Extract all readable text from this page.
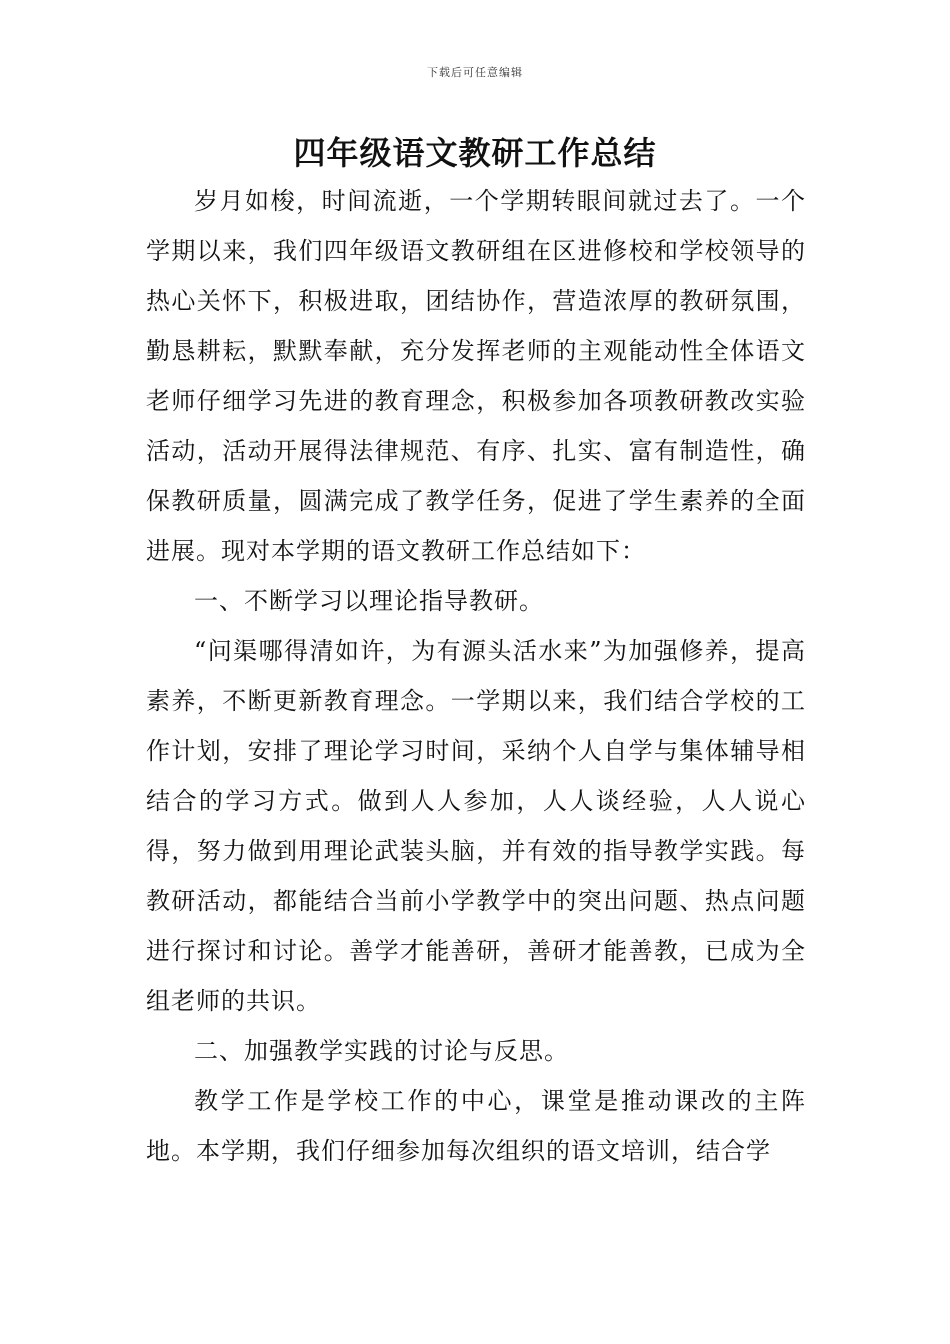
下载后可任意编辑
四年级语文教研工作总结

岁月如梭，时间流逝，一个学期转眼间就过去了。一个学期以来，我们四年级语文教研组在区进修校和学校领导的热心关怀下，积极进取，团结协作，营造浓厚的教研氛围，勤恳耕耘，默默奉献，充分发挥老师的主观能动性全体语文老师仔细学习先进的教育理念，积极参加各项教研教改实验活动，活动开展得法律规范、有序、扎实、富有制造性，确保教研质量，圆满完成了教学任务，促进了学生素养的全面进展。现对本学期的语文教研工作总结如下：

一、不断学习以理论指导教研。

“问渠哪得清如许，为有源头活水来”为加强修养，提高素养，不断更新教育理念。一学期以来，我们结合学校的工作计划，安排了理论学习时间，采纳个人自学与集体辅导相结合的学习方式。做到人人参加，人人谈经验，人人说心得，努力做到用理论武装头脑，并有效的指导教学实践。每教研活动，都能结合当前小学教学中的突出问题、热点问题进行探讨和讨论。善学才能善研，善研才能善教，已成为全组老师的共识。

二、加强教学实践的讨论与反思。

教学工作是学校工作的中心，课堂是推动课改的主阵地。本学期，我们仔细参加每次组织的语文培训，结合学
